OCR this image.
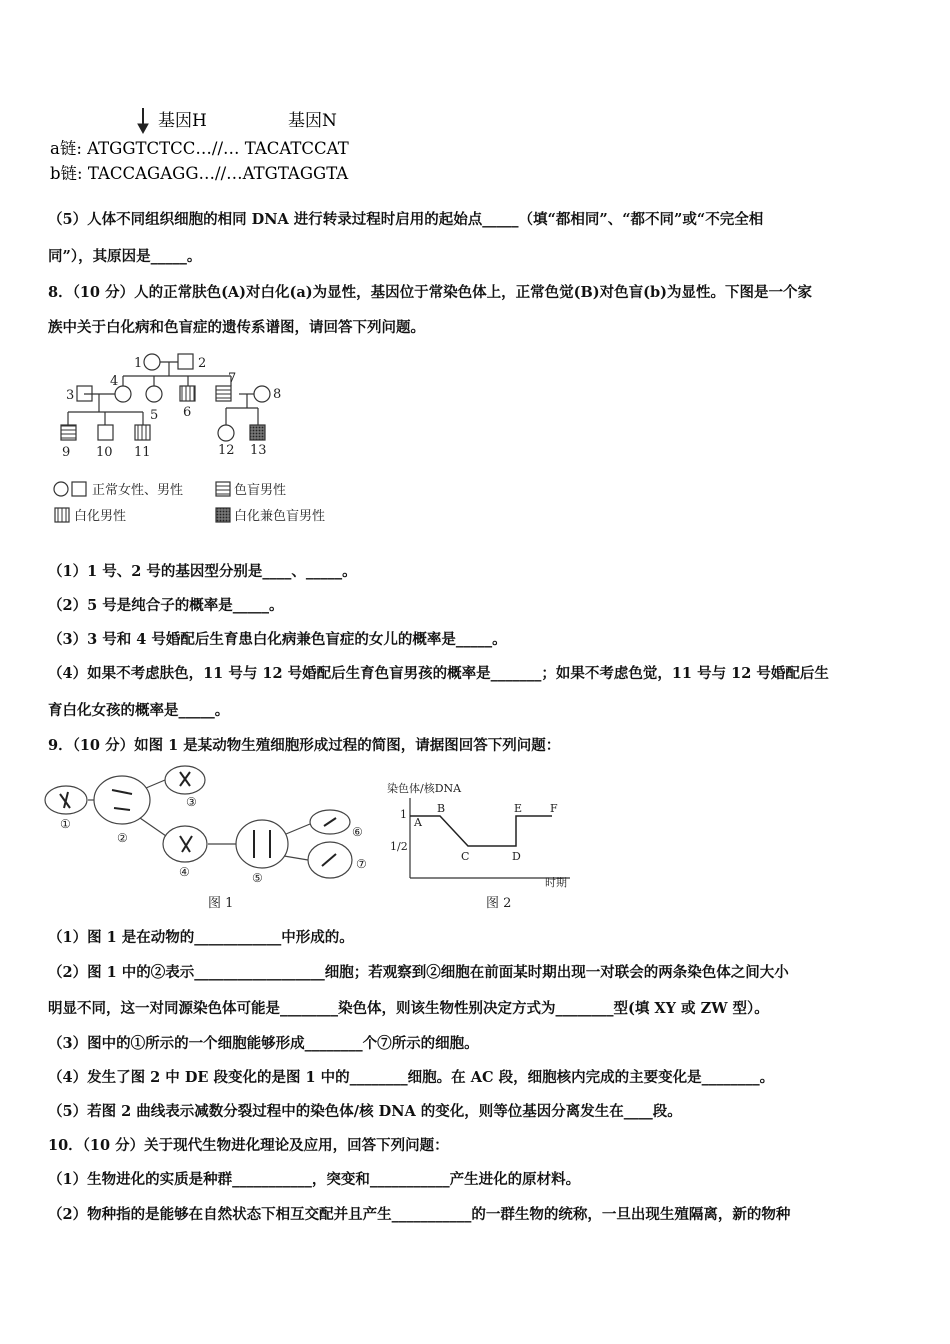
基因H	基因N
a链: ATGGTCTCC…//… TACATCCAT
b链: TACCAGAGG…//…ATGTAGGTA
（5）人体不同组织细胞的相同 DNA 进行转录过程时启用的起始点_____（填“都相同”、“都不同”或“不完全相
同”），其原因是_____。
8．（10 分）人的正常肤色(A)对白化(a)为显性，基因位于常染色体上，正常色觉(B)对色盲(b)为显性。下图是一个家
族中关于白化病和色盲症的遗传系谱图，请回答下列问题。
1	2
3
4
5 6
7
8
9 10 11	12 13
正常女性、男性	色盲男性
白化男性	白化兼色盲男性
（1）1 号、2 号的基因型分别是____、_____。
（2）5 号是纯合子的概率是_____。
（3）3 号和 4 号婚配后生育患白化病兼色盲症的女儿的概率是_____。
（4）如果不考虑肤色，11 号与 12 号婚配后生育色盲男孩的概率是_______；如果不考虑色觉，11 号与 12 号婚配后生
育白化女孩的概率是_____。
9．（10 分）如图 1 是某动物生殖细胞形成过程的简图，请据图回答下列问题：
①
②
③
④	⑤
⑥
⑦
图 1
染色体/核DNA
时期
1
1/2
A
B
C	D
E	F
图 2
（1）图 1 是在动物的____________中形成的。
（2）图 1 中的②表示__________________细胞；若观察到②细胞在前面某时期出现一对联会的两条染色体之间大小
明显不同，这一对同源染色体可能是________染色体，则该生物性别决定方式为________型(填 XY 或 ZW 型）。
（3）图中的①所示的一个细胞能够形成________个⑦所示的细胞。
（4）发生了图 2 中 DE 段变化的是图 1 中的________细胞。在 AC 段，细胞核内完成的主要变化是________。
（5）若图 2 曲线表示减数分裂过程中的染色体/核 DNA 的变化，则等位基因分离发生在____段。
10．（10 分）关于现代生物进化理论及应用，回答下列问题：
（1）生物进化的实质是种群___________，突变和___________产生进化的原材料。
（2）物种指的是能够在自然状态下相互交配并且产生___________的一群生物的统称，一旦出现生殖隔离，新的物种
